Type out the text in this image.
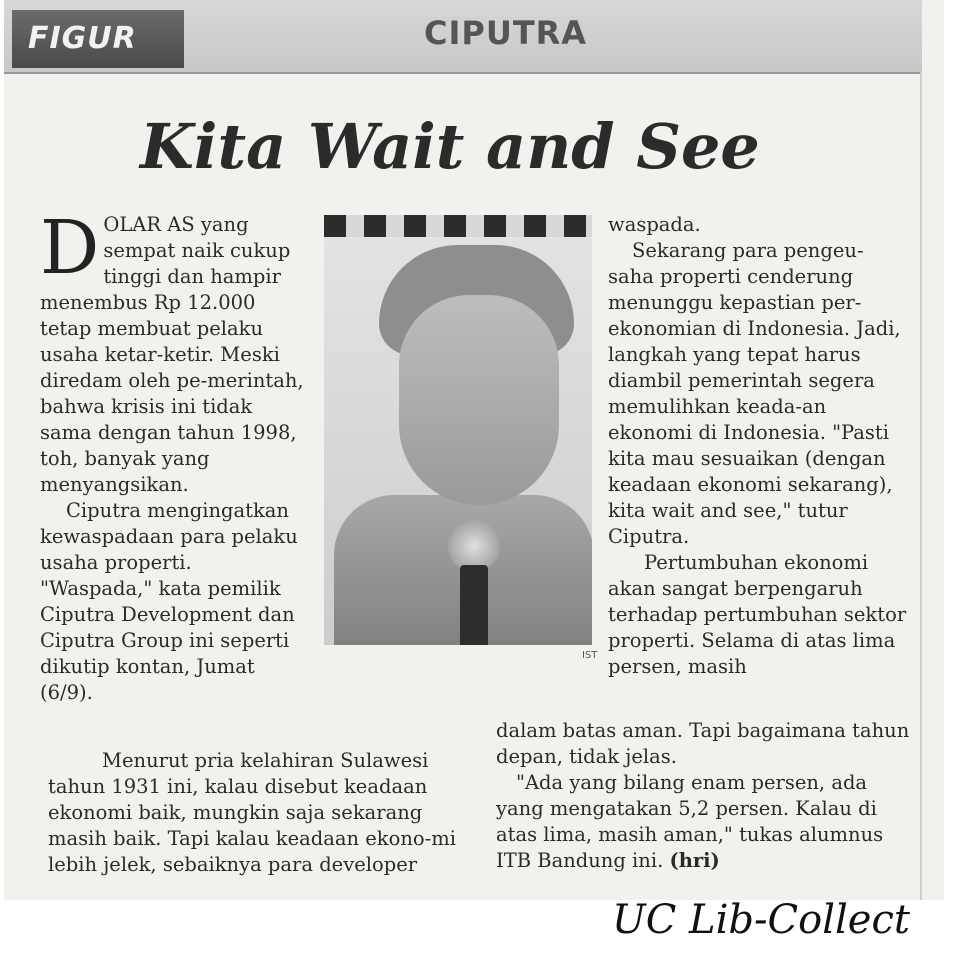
FIGUR	CIPUTRA
Kita Wait and See

DOLAR AS yang sempat naik cukup tinggi dan hampir menembus Rp 12.000 tetap membuat pelaku usaha ketar-ketir. Meski diredam oleh pe-merintah, bahwa krisis ini tidak sama dengan tahun 1998, toh, banyak yang menyangsikan.

Ciputra mengingatkan kewaspadaan para pelaku usaha properti. "Waspada," kata pemilik Ciputra Development dan Ciputra Group ini seperti dikutip kontan, Jumat (6/9).

Menurut pria kelahiran Sulawesi tahun 1931 ini, kalau disebut keadaan ekonomi baik, mungkin saja sekarang masih baik. Tapi kalau keadaan ekono-mi lebih jelek, sebaiknya para developer

IST

waspada.

Sekarang para pengeu-saha properti cenderung menunggu kepastian per-ekonomian di Indonesia. Jadi, langkah yang tepat harus diambil pemerintah segera memulihkan keada-an ekonomi di Indonesia. "Pasti kita mau sesuaikan (dengan keadaan ekonomi sekarang), kita wait and see," tutur Ciputra.

Pertumbuhan ekonomi akan sangat berpengaruh terhadap pertumbuhan sektor properti. Selama di atas lima persen, masih

dalam batas aman. Tapi bagaimana tahun depan, tidak jelas.

"Ada yang bilang enam persen, ada yang mengatakan 5,2 persen. Kalau di atas lima, masih aman," tukas alumnus ITB Bandung ini. (hri)

UC Lib-Collect
